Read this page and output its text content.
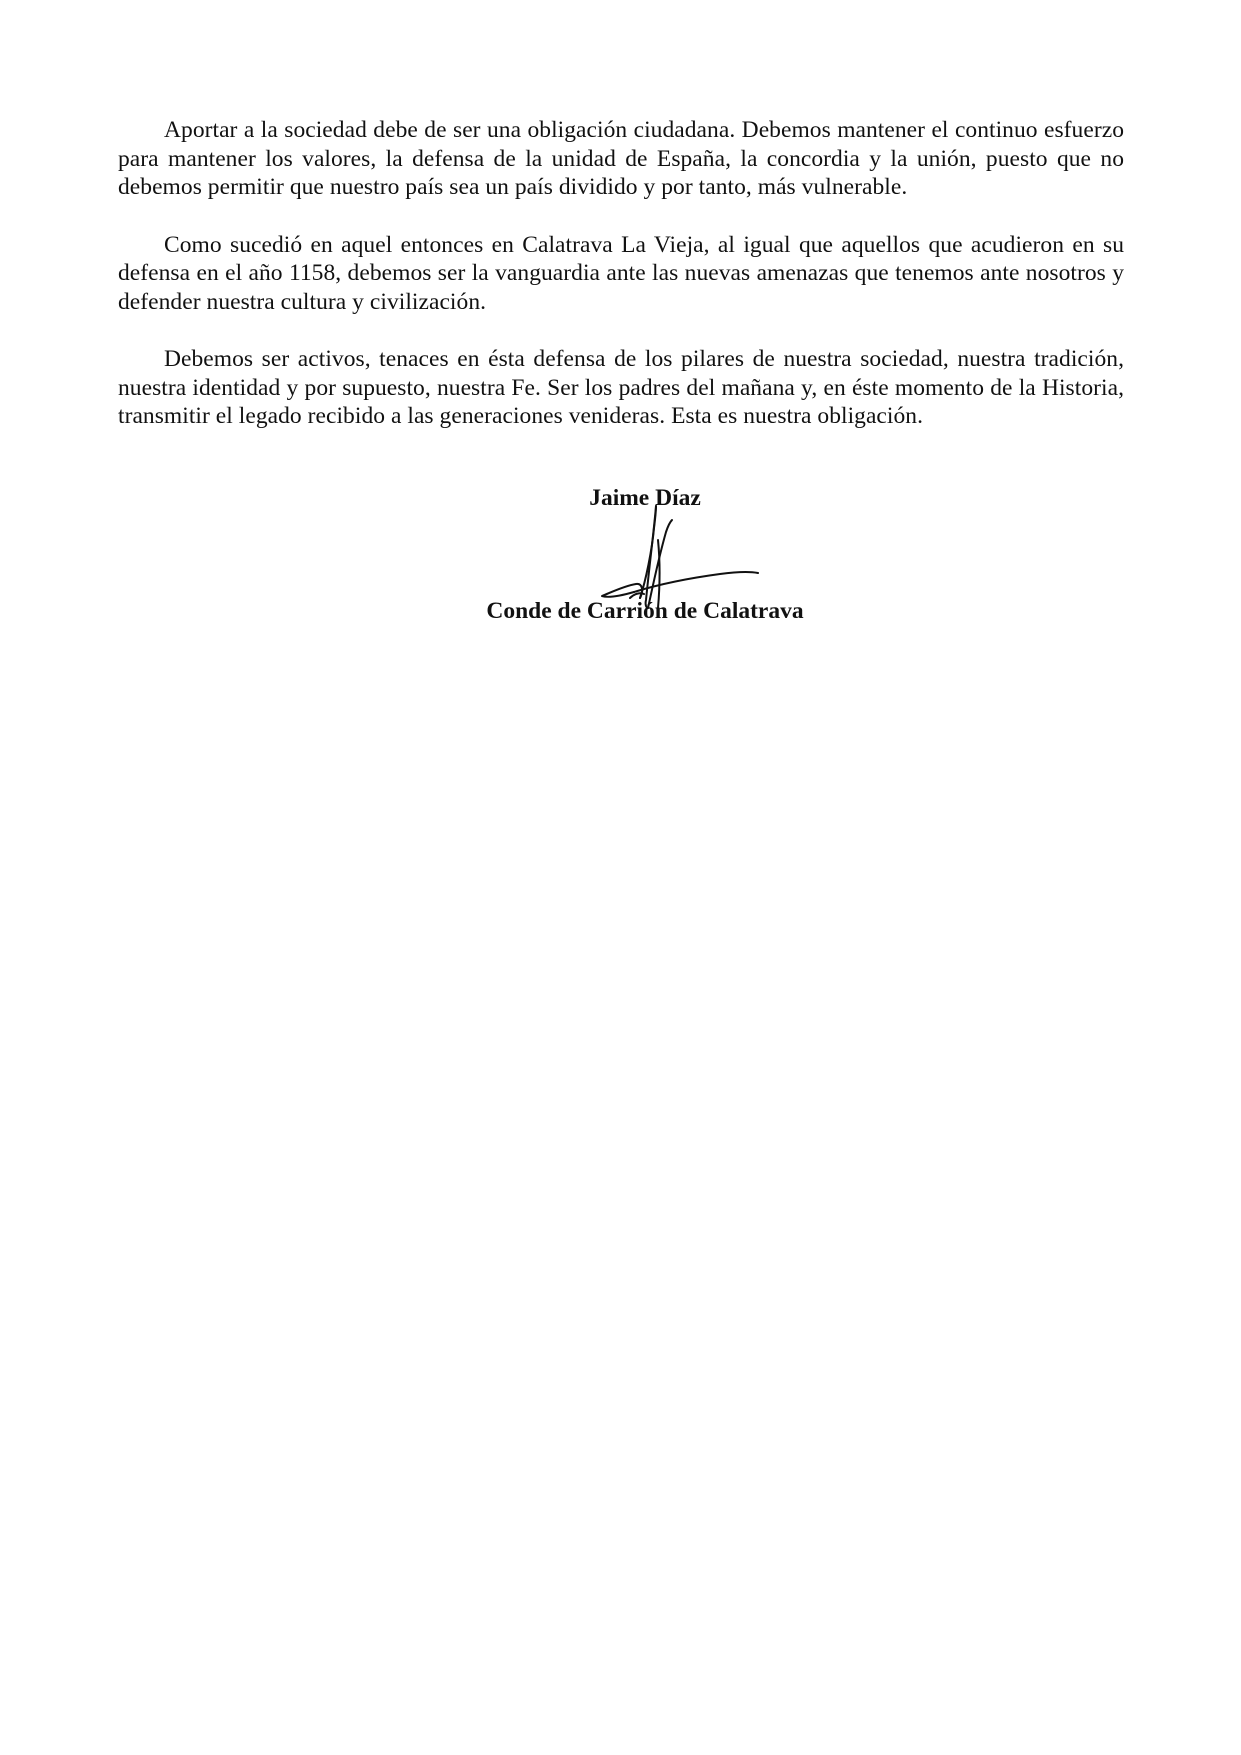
Aportar a la sociedad debe de ser una obligación ciudadana. Debemos mantener el continuo esfuerzo para mantener los valores, la defensa de la unidad de España, la concordia y la unión, puesto que no debemos permitir que nuestro país sea un país dividido y por tanto, más vulnerable.

Como sucedió en aquel entonces en Calatrava La Vieja, al igual que aquellos que acudieron en su defensa en el año 1158, debemos ser la vanguardia ante las nuevas amenazas que tenemos ante nosotros y defender nuestra cultura y civilización.

Debemos ser activos, tenaces en ésta defensa de los pilares de nuestra sociedad, nuestra tradición, nuestra identidad y por supuesto, nuestra Fe. Ser los padres del mañana y, en éste momento de la Historia, transmitir el legado recibido a las generaciones venideras. Esta es nuestra obligación.

Jaime Díaz
Conde de Carrión de Calatrava
